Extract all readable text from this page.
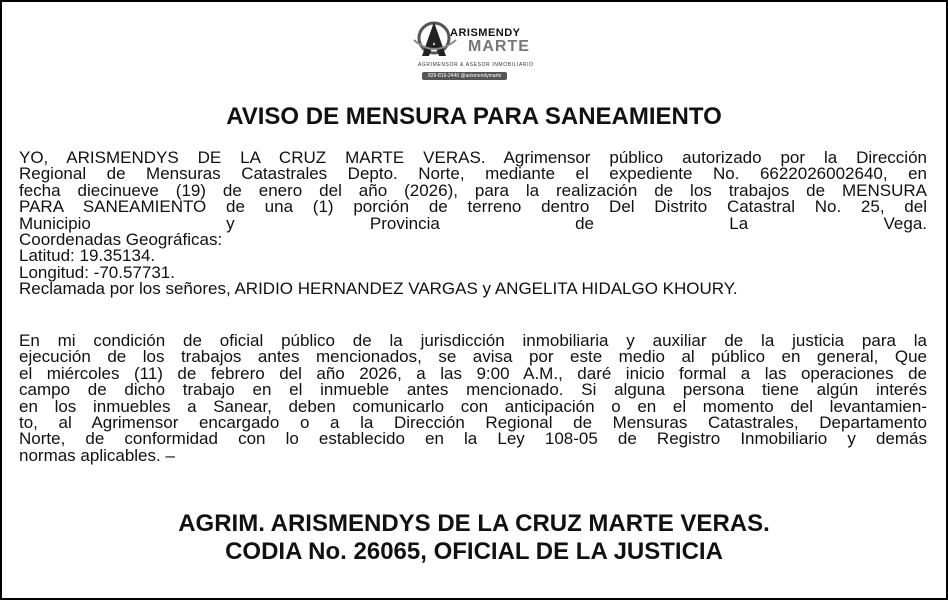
ARISMENDY
MARTE
AGRIMENSOR & ASESOR INMOBILIARIO
829-816-2440 @arismendymarte
AVISO DE MENSURA PARA SANEAMIENTO

YO, ARISMENDYS DE LA CRUZ MARTE VERAS. Agrimensor público autorizado por la Dirección
Regional de Mensuras Catastrales Depto. Norte, mediante el expediente No. 6622026002640, en
fecha diecinueve (19) de enero del año (2026), para la realización de los trabajos de MENSURA
PARA SANEAMIENTO de una (1) porción de terreno dentro Del Distrito Catastral No. 25, del
Municipio y Provincia de La Vega.
Coordenadas Geográficas:
Latitud: 19.35134.
Longitud: -70.57731.
Reclamada por los señores, ARIDIO HERNANDEZ VARGAS y ANGELITA HIDALGO KHOURY.

En mi condición de oficial público de la jurisdicción inmobiliaria y auxiliar de la justicia para la
ejecución de los trabajos antes mencionados, se avisa por este medio al público en general, Que
el miércoles (11) de febrero del año 2026, a las 9:00 A.M., daré inicio formal a las operaciones de
campo de dicho trabajo en el inmueble antes mencionado. Si alguna persona tiene algún interés
en los inmuebles a Sanear, deben comunicarlo con anticipación o en el momento del levantamien-
to, al Agrimensor encargado o a la Dirección Regional de Mensuras Catastrales, Departamento
Norte, de conformidad con lo establecido en la Ley 108-05 de Registro Inmobiliario y demás
normas aplicables. –

AGRIM. ARISMENDYS DE LA CRUZ MARTE VERAS.
CODIA No. 26065, OFICIAL DE LA JUSTICIA
